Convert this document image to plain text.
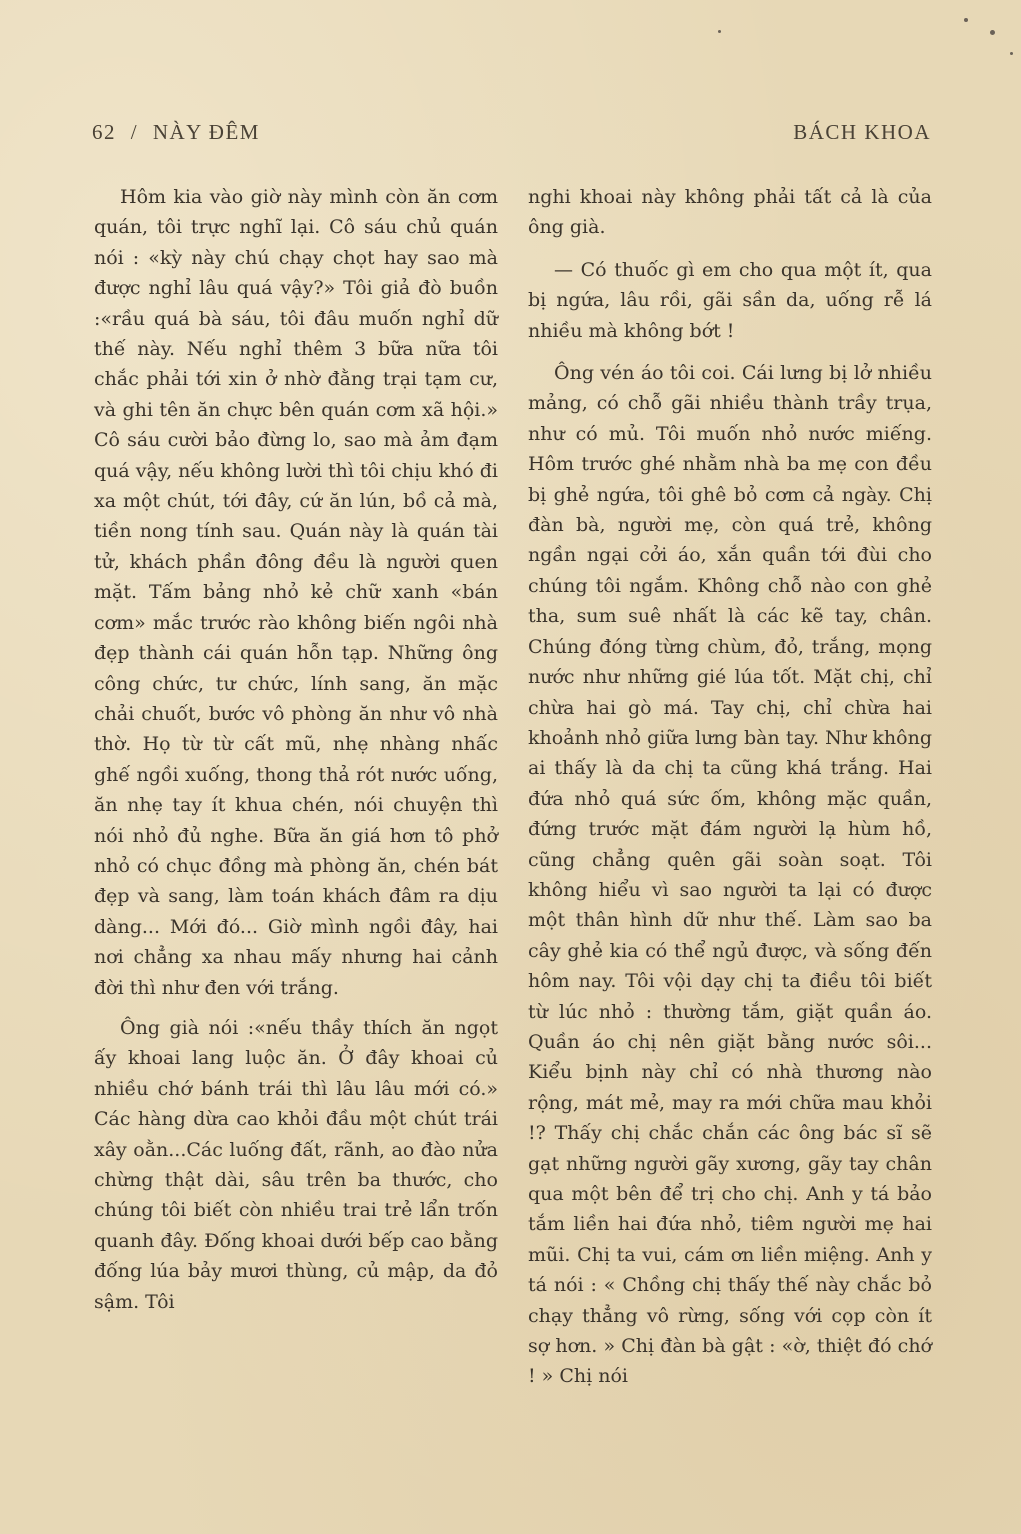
62 / NÀY ĐÊM	BÁCH KHOA

Hôm kia vào giờ này mình còn ăn cơm quán, tôi trực nghĩ lại. Cô sáu chủ quán nói : «kỳ này chú chạy chọt hay sao mà được nghỉ lâu quá vậy?» Tôi giả đò buồn :«rầu quá bà sáu, tôi đâu muốn nghỉ dữ thế này. Nếu nghỉ thêm 3 bữa nữa tôi chắc phải tới xin ở nhờ đằng trại tạm cư, và ghi tên ăn chực bên quán cơm xã hội.» Cô sáu cười bảo đừng lo, sao mà ảm đạm quá vậy, nếu không lười thì tôi chịu khó đi xa một chút, tới đây, cứ ăn lún, bồ cả mà, tiền nong tính sau. Quán này là quán tài tử, khách phần đông đều là người quen mặt. Tấm bảng nhỏ kẻ chữ xanh «bán cơm» mắc trước rào không biến ngôi nhà đẹp thành cái quán hỗn tạp. Những ông công chức, tư chức, lính sang, ăn mặc chải chuốt, bước vô phòng ăn như vô nhà thờ. Họ từ từ cất mũ, nhẹ nhàng nhấc ghế ngồi xuống, thong thả rót nước uống, ăn nhẹ tay ít khua chén, nói chuyện thì nói nhỏ đủ nghe. Bữa ăn giá hơn tô phở nhỏ có chục đồng mà phòng ăn, chén bát đẹp và sang, làm toán khách đâm ra dịu dàng... Mới đó... Giờ mình ngồi đây, hai nơi chẳng xa nhau mấy nhưng hai cảnh đời thì như đen với trắng.

Ông già nói :«nếu thầy thích ăn ngọt ấy khoai lang luộc ăn. Ở đây khoai củ nhiều chớ bánh trái thì lâu lâu mới có.» Các hàng dừa cao khỏi đầu một chút trái xây oằn...Các luống đất, rãnh, ao đào nửa chừng thật dài, sâu trên ba thước, cho chúng tôi biết còn nhiều trai trẻ lẩn trốn quanh đây. Đống khoai dưới bếp cao bằng đống lúa bảy mươi thùng, củ mập, da đỏ sậm. Tôi

nghi khoai này không phải tất cả là của ông già.

— Có thuốc gì em cho qua một ít, qua bị ngứa, lâu rồi, gãi sần da, uống rễ lá nhiều mà không bớt !

Ông vén áo tôi coi. Cái lưng bị lở nhiều mảng, có chỗ gãi nhiều thành trầy trụa, như có mủ. Tôi muốn nhỏ nước miếng. Hôm trước ghé nhằm nhà ba mẹ con đều bị ghẻ ngứa, tôi ghê bỏ cơm cả ngày. Chị đàn bà, người mẹ, còn quá trẻ, không ngần ngại cởi áo, xắn quần tới đùi cho chúng tôi ngắm. Không chỗ nào con ghẻ tha, sum suê nhất là các kẽ tay, chân. Chúng đóng từng chùm, đỏ, trắng, mọng nước như những gié lúa tốt. Mặt chị, chỉ chừa hai gò má. Tay chị, chỉ chừa hai khoảnh nhỏ giữa lưng bàn tay. Như không ai thấy là da chị ta cũng khá trắng. Hai đứa nhỏ quá sức ốm, không mặc quần, đứng trước mặt đám người lạ hùm hồ, cũng chẳng quên gãi soàn soạt. Tôi không hiểu vì sao người ta lại có được một thân hình dữ như thế. Làm sao ba cây ghẻ kia có thể ngủ được, và sống đến hôm nay. Tôi vội dạy chị ta điều tôi biết từ lúc nhỏ : thường tắm, giặt quần áo. Quần áo chị nên giặt bằng nước sôi... Kiểu bịnh này chỉ có nhà thương nào rộng, mát mẻ, may ra mới chữa mau khỏi !? Thấy chị chắc chắn các ông bác sĩ sẽ gạt những người gãy xương, gãy tay chân qua một bên để trị cho chị. Anh y tá bảo tắm liền hai đứa nhỏ, tiêm người mẹ hai mũi. Chị ta vui, cám ơn liền miệng. Anh y tá nói : « Chồng chị thấy thế này chắc bỏ chạy thẳng vô rừng, sống với cọp còn ít sợ hơn. » Chị đàn bà gật : «ờ, thiệt đó chớ ! » Chị nói
